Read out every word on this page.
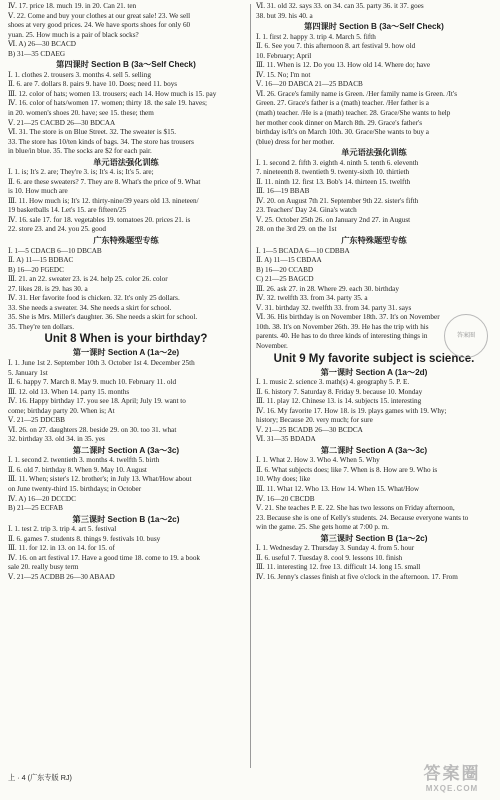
Ⅳ. 17. price 18. much 19. in 20. Can 21. ten
Ⅴ. 22. Come and buy your clothes at our great sale! 23. We sell
shoes at very good prices. 24. We have sports shoes for only 60
yuan. 25. How much is a pair of black socks?
Ⅵ. A) 26—30 BCACD
B) 31—35 CDAEG
第四课时 Section B (3a～Self Check)
Ⅰ. 1. clothes 2. trousers 3. months 4. sell 5. selling
Ⅱ. 6. are 7. dollars 8. pairs 9. have 10. Does; need 11. boys
Ⅲ. 12. color of hats; women 13. trousers; each 14. How much is 15. pay
Ⅳ. 16. color of hats/women 17. women; thirty 18. the sale 19. haves;
in 20. women's shoes 20. have; see 15. these; them
Ⅴ. 21—25 CACBD 26—30 BDCAA
Ⅵ. 31. The store is on Blue Street. 32. The sweater is $15.
33. The store has 10/ten kinds of bags. 34. The store has trousers
in blue/in blue. 35. The socks are $2 for each pair.
单元语法强化训练
Ⅰ. 1. is; It's 2. are; They're 3. is; It's 4. is; It's 5. are;
Ⅱ. 6. are these sweaters? 7. They are 8. What's the price of 9. What
is 10. How much are
Ⅲ. 11. How much is; It's 12. thirty-nine/39 years old 13. nineteen/
19 basketballs 14. Let's 15. are fifteen/25
Ⅳ. 16. sale 17. for 18. vegetables 19. tomatoes 20. prices 21. is
22. store 23. and 24. you 25. good
广东特殊题型专练
Ⅰ. 1—5 CDACB 6—10 DBCAB
Ⅱ. A) 11—15 BDBAC
B) 16—20 FGEDC
Ⅲ. 21. an 22. sweater 23. is 24. help 25. color 26. color
27. likes 28. is 29. has 30. a
Ⅳ. 31. Her favorite food is chicken. 32. It's only 25 dollars.
33. She needs a sweater. 34. She needs a skirt for school.
35. She is Mrs. Miller's daughter. 36. She needs a skirt for school.
35. They're ten dollars.
Unit 8 When is your birthday?
第一课时 Section A (1a～2e)
Ⅰ. 1. June 1st 2. September 10th 3. October 1st 4. December 25th
5. January 1st
Ⅱ. 6. happy 7. March 8. May 9. much 10. February 11. old
Ⅲ. 12. old 13. When 14. party 15. months
Ⅳ. 16. Happy birthday 17. you see 18. April; July 19. want to
come; birthday party 20. When is; At
Ⅴ. 21—25 DDCBB
Ⅵ. 26. on 27. daughters 28. beside 29. on 30. too 31. what
32. birthday 33. old 34. in 35. yes
第二课时 Section A (3a～3c)
Ⅰ. 1. second 2. twentieth 3. months 4. twelfth 5. birth
Ⅱ. 6. old 7. birthday 8. When 9. May 10. August
Ⅲ. 11. When; sister's 12. brother's; in July 13. What/How about
on June twenty-third 15. birthdays; in October
Ⅳ. A) 16—20 DCCDC
B) 21—25 ECFAB
第三课时 Section B (1a～2c)
Ⅰ. 1. test 2. trip 3. trip 4. art 5. festival
Ⅱ. 6. games 7. students 8. things 9. festivals 10. busy
Ⅲ. 11. for 12. in 13. on 14. for 15. of
Ⅳ. 16. on art festival 17. Have a good time 18. come to 19. a book
sale 20. really busy term
Ⅴ. 21—25 ACDBB 26—30 ABAAD
Ⅵ. 31. old 32. says 33. on 34. can 35. party 36. it 37. goes
38. but 39. his 40. a
第四课时 Section B (3a～Self Check)
Ⅰ. 1. first 2. happy 3. trip 4. March 5. fifth
Ⅱ. 6. See you 7. this afternoon 8. art festival 9. how old
10. February; April
Ⅲ. 11. When is 12. Do you 13. How old 14. Where do; have
Ⅳ. 15. No; I'm not
Ⅴ. 16—20 DABCA 21—25 BDACB
Ⅵ. 26. Grace's family name is Green. /Her family name is Green. /It's
Green. 27. Grace's father is a (math) teacher. /Her father is a
(math) teacher. /He is a (math) teacher. 28. Grace/She wants to help
her mother cook dinner on March 8th. 29. Grace's father's
birthday is/It's on March 10th. 30. Grace/She wants to buy a
(blue) dress for her mother.
单元语法强化训练
Ⅰ. 1. second 2. fifth 3. eighth 4. ninth 5. tenth 6. eleventh
7. nineteenth 8. twentieth 9. twenty-sixth 10. thirtieth
Ⅱ. 11. ninth 12. first 13. Bob's 14. thirteen 15. twelfth
Ⅲ. 16—19 BBAB
Ⅳ. 20. on August 7th 21. September 9th 22. sister's fifth
23. Teachers' Day 24. Gina's watch
Ⅴ. 25. October 25th 26. on January 2nd 27. in August
28. on the 3rd 29. on the 1st
广东特殊题型专练
Ⅰ. 1—5 BCADA 6—10 CDBBA
Ⅱ. A) 11—15 CBDAA
B) 16—20 CCABD
C) 21—25 BAGCD
Ⅲ. 26. ask 27. in 28. Where 29. each 30. birthday
Ⅳ. 32. twelfth 33. from 34. party 35. a
Ⅴ. 31. birthday 32. twelfth 33. from 34. party 31. says
Ⅵ. 36. His birthday is on November 18th. 37. It's on November
10th. 38. It's on November 26th. 39. He has the trip with his
parents. 40. He has to do three kinds of interesting things in
November.
Unit 9 My favorite subject is science.
第一课时 Section A (1a～2d)
Ⅰ. 1. music 2. science 3. math(s) 4. geography 5. P. E.
Ⅱ. 6. history 7. Saturday 8. Friday 9. because 10. Monday
Ⅲ. 11. play 12. Chinese 13. is 14. subjects 15. interesting
Ⅳ. 16. My favorite 17. How 18. is 19. plays games with 19. Why;
history; Because 20. very much; for sure
Ⅴ. 21—25 BCADB 26—30 BCDCA
Ⅵ. 31—35 BDADA
第二课时 Section A (3a～3c)
Ⅰ. 1. What 2. How 3. Who 4. When 5. Why
Ⅱ. 6. What subjects does; like 7. When is 8. How are 9. Who is
10. Why does; like
Ⅲ. 11. What 12. Who 13. How 14. When 15. What/How
Ⅳ. 16—20 CBCDB
Ⅴ. 21. She teaches P. E. 22. She has two lessons on Friday afternoon,
23. Because she is one of Kelly's students. 24. Because everyone wants to
win the game. 25. She gets home at 7:00 p. m.
第三课时 Section B (1a～2c)
Ⅰ. 1. Wednesday 2. Thursday 3. Sunday 4. from 5. hour
Ⅱ. 6. useful 7. Tuesday 8. cool 9. lessons 10. finish
Ⅲ. 11. interesting 12. free 13. difficult 14. long 15. small
Ⅳ. 16. Jenny's classes finish at five o'clock in the afternoon. 17. From
答案圈
上 · 4 (广东专版 RJ)	答案圈
MXQE.COM
